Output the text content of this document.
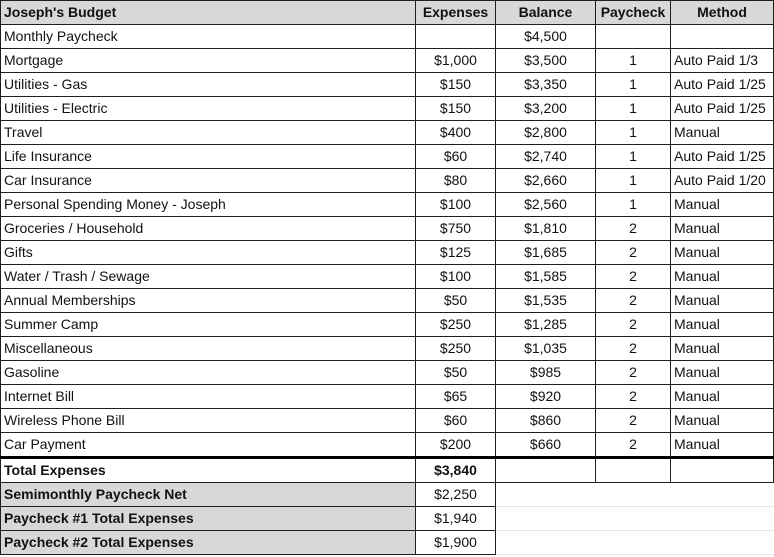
Joseph's Budget	Expenses	Balance	Paycheck	Method
Monthly Paycheck		$4,500		
Mortgage	$1,000	$3,500	1	Auto Paid 1/3
Utilities - Gas	$150	$3,350	1	Auto Paid 1/25
Utilities - Electric	$150	$3,200	1	Auto Paid 1/25
Travel	$400	$2,800	1	Manual
Life Insurance	$60	$2,740	1	Auto Paid 1/25
Car Insurance	$80	$2,660	1	Auto Paid 1/20
Personal Spending Money - Joseph	$100	$2,560	1	Manual
Groceries / Household	$750	$1,810	2	Manual
Gifts	$125	$1,685	2	Manual
Water / Trash / Sewage	$100	$1,585	2	Manual
Annual Memberships	$50	$1,535	2	Manual
Summer Camp	$250	$1,285	2	Manual
Miscellaneous	$250	$1,035	2	Manual
Gasoline	$50	$985	2	Manual
Internet Bill	$65	$920	2	Manual
Wireless Phone Bill	$60	$860	2	Manual
Car Payment	$200	$660	2	Manual
Total Expenses	$3,840			
Semimonthly Paycheck Net	$2,250			
Paycheck #1 Total Expenses	$1,940			
Paycheck #2 Total Expenses	$1,900			
